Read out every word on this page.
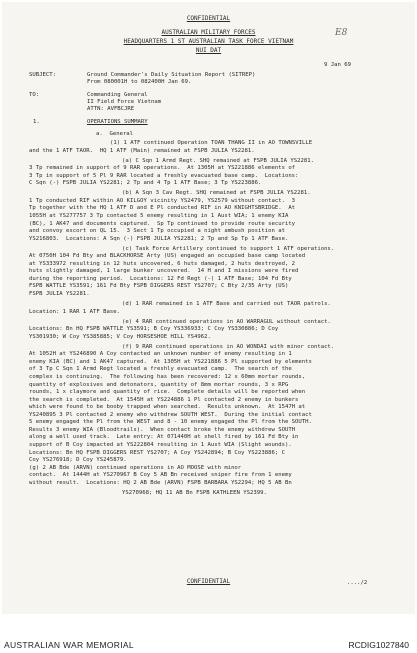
CONFIDENTIAL
AUSTRALIAN MILITARY FORCES
HEADQUARTERS 1 ST AUSTRALIAN TASK FORCE VIETNAM
NUI DAT
E8
9 Jan 69
SUBJECT:	Ground Commander's Daily Situation Report (SITREP)
From 080001H to 082400H Jan 69.
TO:	Commanding General
II Field Force Vietnam
ATTN: AVFBCJRE
1.	OPERATIONS SUMMARY
a.  General
(1) 1 ATF continued Operation TOAN THANG II in AO TOWNSVILLE
and the 1 ATF TAOR.  HQ 1 ATF (Main) remained at FSPB JULIA YS2281.
(a) C Sqn 1 Armd Regt. SHQ remained at FSPB JULIA YS2281.
3 Tp remained in support of 9 RAR operations.  At 1305H at YS221886 elements of
3 Tp in support of 5 Pl 9 RAR located a freshly evacuated base camp.  Locations:
C Sqn (-) FSPB JULIA YS2281; 2 Tp and 4 Tp 1 ATF Base; 3 Tp YS223886.
(b) A Sqn 3 Cav Regt. SHQ remained at FSPB JULIA YS2281.
1 Tp conducted RIF within AO KILGOY vicinity YS2479, YS2579 without contact.  3
Tp together with the HQ 1 ATF D and E Pl conducted RIF in AO KNIGHTSBRIDGE.  At
1055H at YS277757 3 Tp contacted 5 enemy resulting in 1 Aust WIA; 1 enemy KIA
(BC), 1 AK47 and documents captured.  Sp Tp continued to provide route security
and convoy escort on QL 15.  3 Sect 1 Tp occupied a night ambush position at
YS216803.  Locations: A Sqn (-) FSPB JULIA YS2281; 2 Tp and Sp Tp 1 ATF Base.
(c) Task Force Artillery continued to support 1 ATF operations.
At 0750H 104 Fd Bty and BLACKHORSE Arty (US) engaged an occupied base camp located
at YS333972 resulting in 12 huts uncovered, 6 huts damaged, 2 huts destroyed, 2
huts slightly damaged, 1 large bunker uncovered.  14 H and I missions were fired
during the reporting period.  Locations: 12 Fd Regt (-) 1 ATF Base; 104 Fd Bty
FSPB WATTLE YS3591; 161 Fd Bty FSPB DIGGERS REST YS2707; C Bty 2/35 Arty (US)
FSPB JULIA YS2281.
(d) 1 RAR remained in 1 ATF Base and carried out TAOR patrols.
Location: 1 RAR 1 ATF Base.
(e) 4 RAR continued operations in AO WARRAGUL without contact.
Locations: Bn HQ FSPB WATTLE YS3591; B Coy YS336933; C Coy YS330886; D Coy
YS301930; W Coy YS385885; V Coy HORSESHOE HILL YS4962.
(f) 9 RAR continued operations in AO WONDAI with minor contact.
At 1052H at YS246890 A Coy contacted an unknown number of enemy resulting in 1
enemy KIA (BC) and 1 AK47 captured.  At 1305H at YS221886 5 Pl supported by elements
of 3 Tp C Sqn 1 Armd Regt located a freshly evacuated camp.  The search of the
complex is continuing.  The following has been recovered: 12 x 60mm mortar rounds,
quantity of explosives and detonators, quantity of 8mm mortar rounds, 3 x RPG
rounds, 1 x claymore and quantity of rice.  Complete details will be reported when
the search is completed.  At 1545H at YS224886 1 Pl contacted 2 enemy in bunkers
which were found to be booby trapped when searched.  Results unknown.  At 1547H at
YS240895 3 Pl contacted 2 enemy who withdrew SOUTH WEST.  During the initial contact
5 enemy engaged the Pl from the WEST and 8 - 10 enemy engaged the Pl from the SOUTH.
Results 3 enemy WIA (Bloodtrails).  When contact broke the enemy withdrew SOUTH
along a well used track.  Late entry: At 071440H at shell fired by 161 Fd Bty in
support of B Coy impacted at YS222804 resulting in 1 Aust WIA (Slight wounds).
Locations: Bn HQ FSPB DIGGERS REST YS2707; A Coy YS242894; B Coy YS223886; C
Coy YS276918; D Coy YS245879.
(g) 2 AB Bde (ARVN) continued operations in AO MOOSE with minor
contact.  At 1444H at YS270967 B Coy 5 AB Bn received sniper fire from 1 enemy
without result.  Locations: HQ 2 AB Bde (ARVN) FSPB BARBARA YS2294; HQ 5 AB Bn
YS270968; HQ 11 AB Bn FSPB KATHLEEN YS2399.
CONFIDENTIAL	..../2
AUSTRALIAN WAR MEMORIAL	RCDIG1027840
